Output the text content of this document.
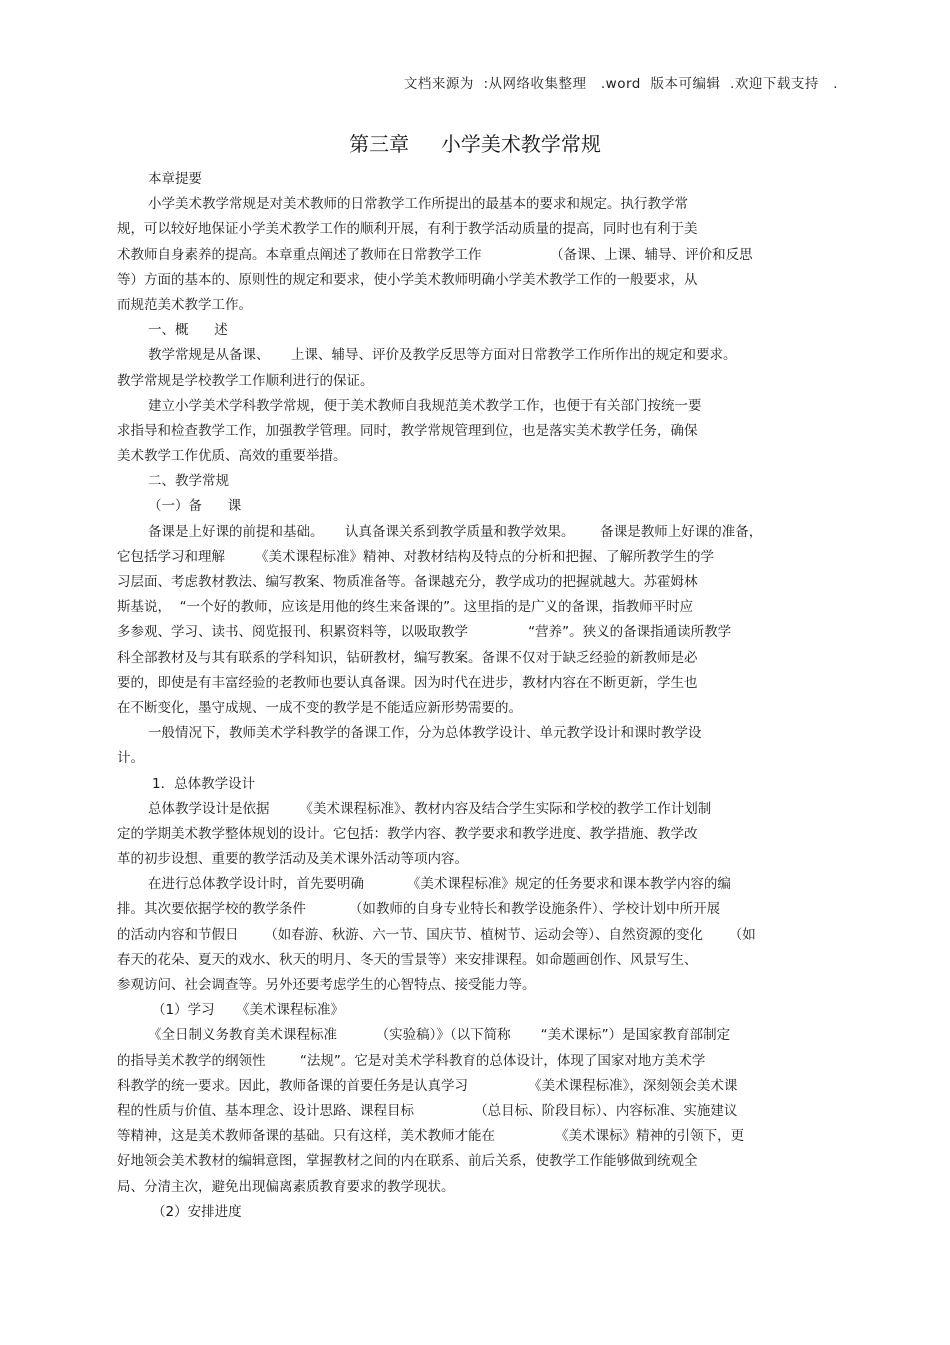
文档来源为  :从网络收集整理   .word  版本可编辑  .欢迎下载支持   .
第三章     小学美术教学常规
本章提要
小学美术教学常规是对美术教师的日常教学工作所提出的最基本的要求和规定。执行教学常
规，可以较好地保证小学美术教学工作的顺利开展，有利于教学活动质量的提高，同时也有利于美
术教师自身素养的提高。本章重点阐述了教师在日常教学工作                （备课、上课、辅导、评价和反思
等）方面的基本的、原则性的规定和要求，使小学美术教师明确小学美术教学工作的一般要求，从
而规范美术教学工作。
一、概      述
教学常规是从备课、     上课、辅导、评价及教学反思等方面对日常教学工作所作出的规定和要求。
教学常规是学校教学工作顺利进行的保证。
建立小学美术学科教学常规，便于美术教师自我规范美术教学工作，也便于有关部门按统一要
求指导和检查教学工作，加强教学管理。同时，教学常规管理到位，也是落实美术教学任务，确保
美术教学工作优质、高效的重要举措。
二、教学常规
（一）备      课
备课是上好课的前提和基础。     认真备课关系到教学质量和教学效果。      备课是教师上好课的准备，
它包括学习和理解       《美术课程标准》精神、对教材结构及特点的分析和把握、了解所教学生的学
习层面、考虑教材教法、编写教案、物质准备等。备课越充分，教学成功的把握就越大。苏霍姆林
斯基说，  “一个好的教师，应该是用他的终生来备课的”。这里指的是广义的备课，指教师平时应
多参观、学习、读书、阅览报刊、积累资料等，以吸取教学              “营养”。狭义的备课指通读所教学
科全部教材及与其有联系的学科知识，钻研教材，编写教案。备课不仅对于缺乏经验的新教师是必
要的，即使是有丰富经验的老教师也要认真备课。因为时代在进步，教材内容在不断更新，学生也
在不断变化，墨守成规、一成不变的教学是不能适应新形势需要的。
一般情况下，教师美术学科教学的备课工作，分为总体教学设计、单元教学设计和课时教学设
计。
1．总体教学设计
总体教学设计是依据       《美术课程标准》、教材内容及结合学生实际和学校的教学工作计划制
定的学期美术教学整体规划的设计。它包括：教学内容、教学要求和教学进度、教学措施、教学改
革的初步设想、重要的教学活动及美术课外活动等项内容。
在进行总体教学设计时，首先要明确          《美术课程标准》规定的任务要求和课本教学内容的编
排。其次要依据学校的教学条件          （如教师的自身专业特长和教学设施条件）、学校计划中所开展
的活动内容和节假日      （如春游、秋游、六一节、国庆节、植树节、运动会等）、自然资源的变化      （如
春天的花朵、夏天的戏水、秋天的明月、冬天的雪景等）来安排课程。如命题画创作、风景写生、
参观访问、社会调查等。另外还要考虑学生的心智特点、接受能力等。
（1）学习     《美术课程标准》
《全日制义务教育美术课程标准         （实验稿）》（以下简称       “美术课标”）是国家教育部制定
的指导美术教学的纲领性        “法规”。它是对美术学科教育的总体设计，体现了国家对地方美术学
科教学的统一要求。因此，教师备课的首要任务是认真学习              《美术课程标准》，深刻领会美术课
程的性质与价值、基本理念、设计思路、课程目标              （总目标、阶段目标）、内容标准、实施建议
等精神，这是美术教师备课的基础。只有这样，美术教师才能在              《美术课标》精神的引领下，更
好地领会美术教材的编辑意图，掌握教材之间的内在联系、前后关系，使教学工作能够做到统观全
局、分清主次，避免出现偏离素质教育要求的教学现状。
（2）安排进度
